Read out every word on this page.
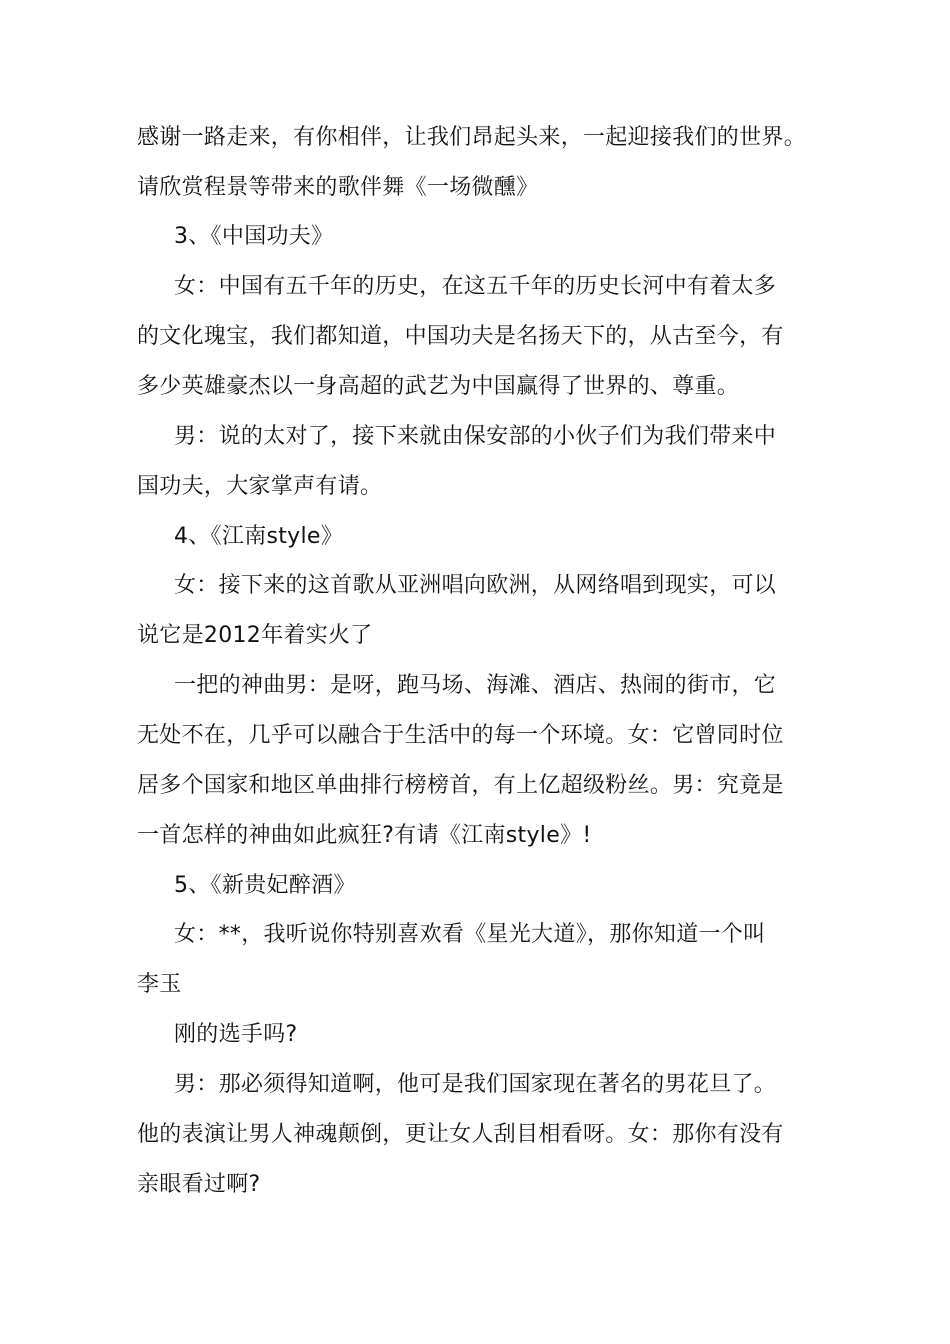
感谢一路走来，有你相伴，让我们昂起头来，一起迎接我们的世界。

请欣赏程景等带来的歌伴舞《一场微醺》

3、《中国功夫》

女：中国有五千年的历史，在这五千年的历史长河中有着太多

的文化瑰宝，我们都知道，中国功夫是名扬天下的，从古至今，有

多少英雄豪杰以一身高超的武艺为中国赢得了世界的、尊重。

男：说的太对了，接下来就由保安部的小伙子们为我们带来中

国功夫，大家掌声有请。

4、《江南style》

女：接下来的这首歌从亚洲唱向欧洲，从网络唱到现实，可以

说它是2012年着实火了

一把的神曲男：是呀，跑马场、海滩、酒店、热闹的街市，它

无处不在，几乎可以融合于生活中的每一个环境。女：它曾同时位

居多个国家和地区单曲排行榜榜首，有上亿超级粉丝。男：究竟是

一首怎样的神曲如此疯狂?有请《江南style》!

5、《新贵妃醉酒》

女：**，我听说你特别喜欢看《星光大道》，那你知道一个叫

李玉

刚的选手吗?

男：那必须得知道啊，他可是我们国家现在著名的男花旦了。

他的表演让男人神魂颠倒，更让女人刮目相看呀。女：那你有没有

亲眼看过啊?
